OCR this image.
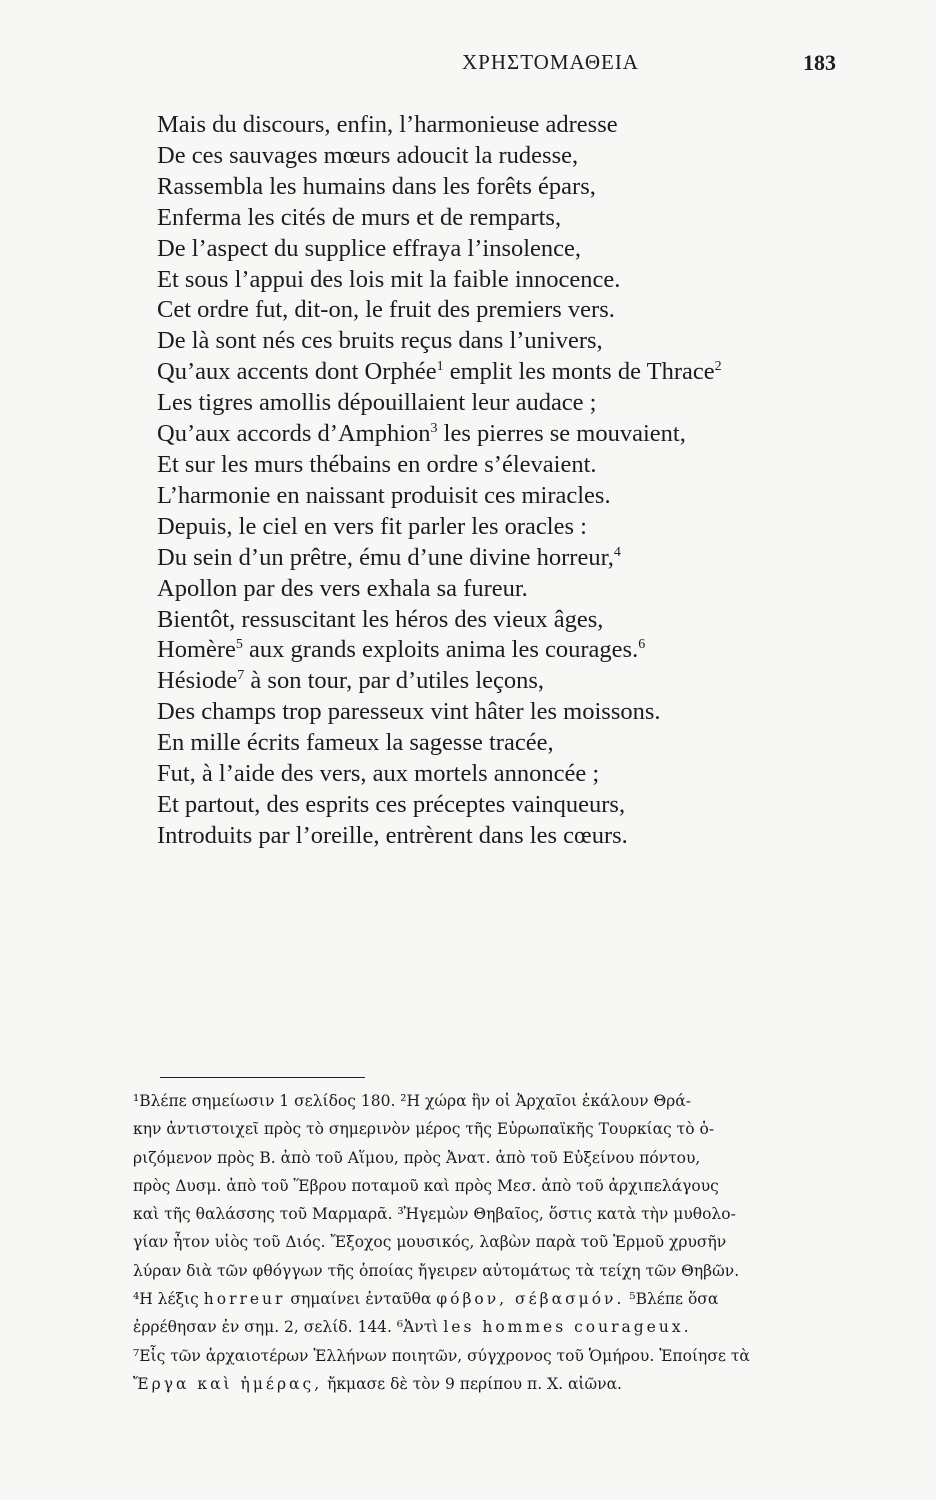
ΧΡΗΣΤΟΜΑΘΕΙΑ	183
Mais du discours, enfin, l’harmonieuse adresse
De ces sauvages mœurs adoucit la rudesse,
Rassembla les humains dans les forêts épars,
Enferma les cités de murs et de remparts,
De l’aspect du supplice effraya l’insolence,
Et sous l’appui des lois mit la faible innocence.
Cet ordre fut, dit-on, le fruit des premiers vers.
De là sont nés ces bruits reçus dans l’univers,
Qu’aux accents dont Orphée$^1$ emplit les monts de Thrace$^2$
Les tigres amollis dépouillaient leur audace ;
Qu’aux accords d’Amphion$^3$ les pierres se mouvaient,
Et sur les murs thébains en ordre s’élevaient.
L’harmonie en naissant produisit ces miracles.
Depuis, le ciel en vers fit parler les oracles :
Du sein d’un prêtre, ému d’une divine horreur,$^4$
Apollon par des vers exhala sa fureur.
Bientôt, ressuscitant les héros des vieux âges,
Homère$^5$ aux grands exploits anima les courages.$^6$
Hésiode$^7$ à son tour, par d’utiles leçons,
Des champs trop paresseux vint hâter les moissons.
En mille écrits fameux la sagesse tracée,
Fut, à l’aide des vers, aux mortels annoncée ;
Et partout, des esprits ces préceptes vainqueurs,
Introduits par l’oreille, entrèrent dans les cœurs.
¹Βλέπε σημείωσιν 1 σελίδος 180. ²Η χώρα ἣν οἱ Ἀρχαῖοι ἐκάλουν Θρά-
κην ἀντιστοιχεῖ πρὸς τὸ σημερινὸν μέρος τῆς Εὐρωπαϊκῆς Τουρκίας τὸ ὁ-
ριζόμενον πρὸς Β. ἀπὸ τοῦ Αἵμου, πρὸς Ἀνατ. ἀπὸ τοῦ Εὐξείνου πόντου,
πρὸς Δυσμ. ἀπὸ τοῦ Ἕβρου ποταμοῦ καὶ πρὸς Μεσ. ἀπὸ τοῦ ἀρχιπελάγους
καὶ τῆς θαλάσσης τοῦ Μαρμαρᾶ. ³Ἡγεμὼν Θηβαῖος, ὅστις κατὰ τὴν μυθολο-
γίαν ἦτον υἱὸς τοῦ Διός. Ἔξοχος μουσικός, λαβὼν παρὰ τοῦ Ἑρμοῦ χρυσῆν
λύραν διὰ τῶν φθόγγων τῆς ὁποίας ἤγειρεν αὐτομάτως τὰ τείχη τῶν Θηβῶν.
⁴Η λέξις horreur σημαίνει ἐνταῦθα φόβον, σέβασμόν. ⁵Βλέπε ὅσα
ἐρρέθησαν ἐν σημ. 2, σελίδ. 144. ⁶Ἀντὶ les hommes courageux.
⁷Εἷς τῶν ἀρχαιοτέρων Ἑλλήνων ποιητῶν, σύγχρονος τοῦ Ὁμήρου. Ἐποίησε τὰ
Ἔργα καὶ ἡμέρας, ἤκμασε δὲ τὸν 9 περίπου π. Χ. αἰῶνα.
